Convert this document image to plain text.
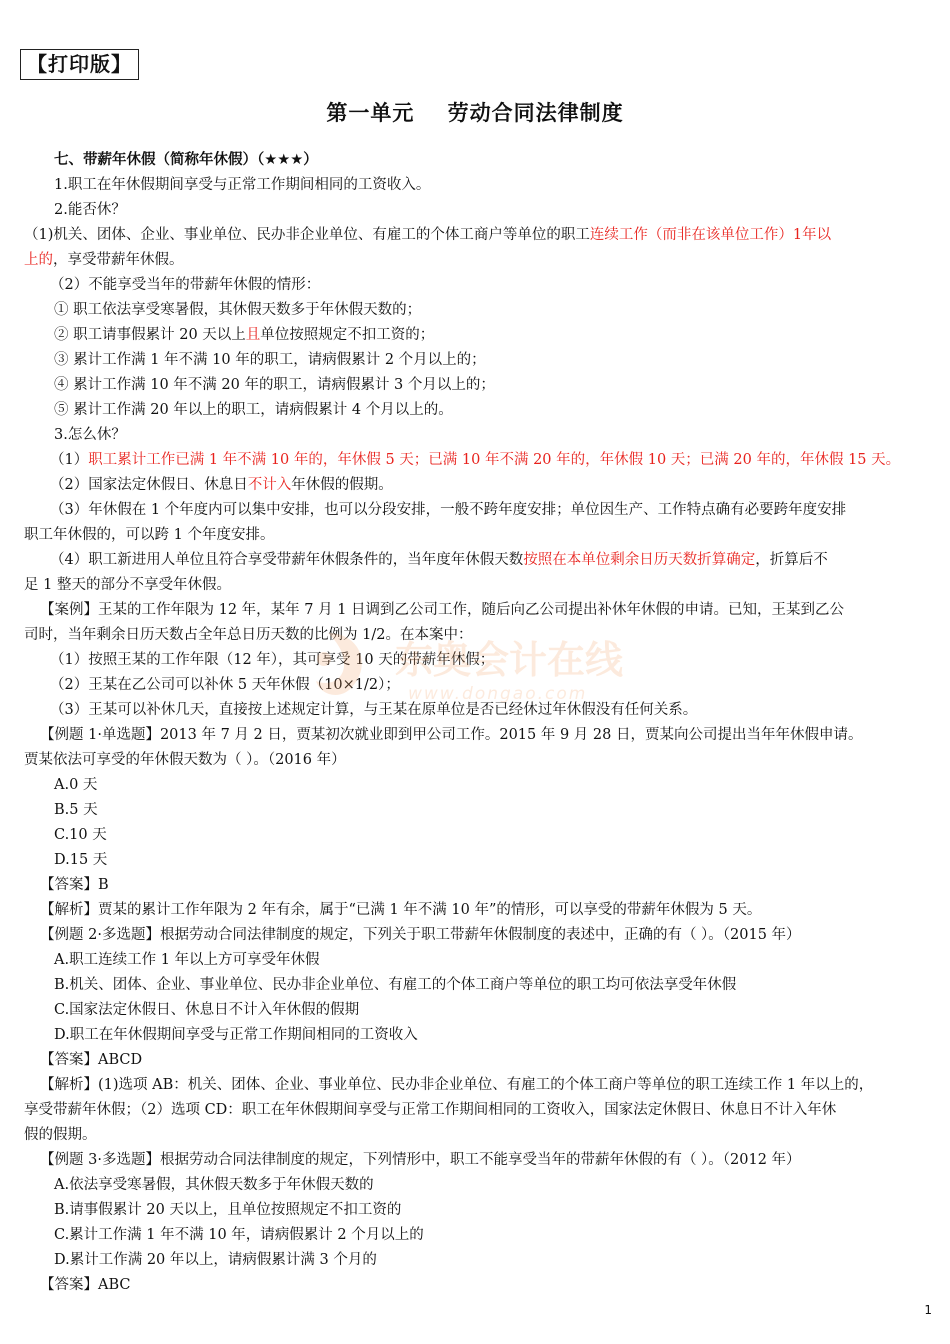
【打印版】
第一单元    劳动合同法律制度
七、带薪年休假（简称年休假）（★★★）
1.职工在年休假期间享受与正常工作期间相同的工资收入。
2.能否休？
（1)机关、团体、企业、事业单位、民办非企业单位、有雇工的个体工商户等单位的职工连续工作（而非在该单位工作）1年以
上的，享受带薪年休假。
（2）不能享受当年的带薪年休假的情形：
① 职工依法享受寒暑假，其休假天数多于年休假天数的；
② 职工请事假累计 20 天以上且单位按照规定不扣工资的；
③ 累计工作满 1 年不满 10 年的职工，请病假累计 2 个月以上的；
④ 累计工作满 10 年不满 20 年的职工，请病假累计 3 个月以上的；
⑤ 累计工作满 20 年以上的职工，请病假累计 4 个月以上的。
3.怎么休？
（1）职工累计工作已满 1 年不满 10 年的，年休假 5 天；已满 10 年不满 20 年的，年休假 10 天；已满 20 年的，年休假 15 天。
（2）国家法定休假日、休息日不计入年休假的假期。
（3）年休假在 1 个年度内可以集中安排，也可以分段安排，一般不跨年度安排；单位因生产、工作特点确有必要跨年度安排
职工年休假的，可以跨 1 个年度安排。
（4）职工新进用人单位且符合享受带薪年休假条件的，当年度年休假天数按照在本单位剩余日历天数折算确定，折算后不
足 1 整天的部分不享受年休假。
【案例】王某的工作年限为 12 年，某年 7 月 1 日调到乙公司工作，随后向乙公司提出补休年休假的申请。已知，王某到乙公
司时，当年剩余日历天数占全年总日历天数的比例为 1/2。在本案中：
（1）按照王某的工作年限（12 年），其可享受 10 天的带薪年休假；
（2）王某在乙公司可以补休 5 天年休假（10×1/2）；
（3）王某可以补休几天，直接按上述规定计算，与王某在原单位是否已经休过年休假没有任何关系。
【例题 1·单选题】2013 年 7 月 2 日，贾某初次就业即到甲公司工作。2015 年 9 月 28 日，贾某向公司提出当年年休假申请。
贾某依法可享受的年休假天数为（ ）。（2016 年）
A.0 天
B.5 天
C.10 天
D.15 天
【答案】B
【解析】贾某的累计工作年限为 2 年有余，属于“已满 1 年不满 10 年”的情形，可以享受的带薪年休假为 5 天。
【例题 2·多选题】根据劳动合同法律制度的规定，下列关于职工带薪年休假制度的表述中，正确的有（ ）。（2015 年）
A.职工连续工作 1 年以上方可享受年休假
B.机关、团体、企业、事业单位、民办非企业单位、有雇工的个体工商户等单位的职工均可依法享受年休假
C.国家法定休假日、休息日不计入年休假的假期
D.职工在年休假期间享受与正常工作期间相同的工资收入
【答案】ABCD
【解析】(1)选项 AB：机关、团体、企业、事业单位、民办非企业单位、有雇工的个体工商户等单位的职工连续工作 1 年以上的，
享受带薪年休假；（2）选项 CD：职工在年休假期间享受与正常工作期间相同的工资收入，国家法定休假日、休息日不计入年休
假的假期。
【例题 3·多选题】根据劳动合同法律制度的规定，下列情形中，职工不能享受当年的带薪年休假的有（ ）。（2012 年）
A.依法享受寒暑假，其休假天数多于年休假天数的
B.请事假累计 20 天以上，且单位按照规定不扣工资的
C.累计工作满 1 年不满 10 年，请病假累计 2 个月以上的
D.累计工作满 20 年以上，请病假累计满 3 个月的
【答案】ABC
东奥会计在线
www.dongao.com
1
